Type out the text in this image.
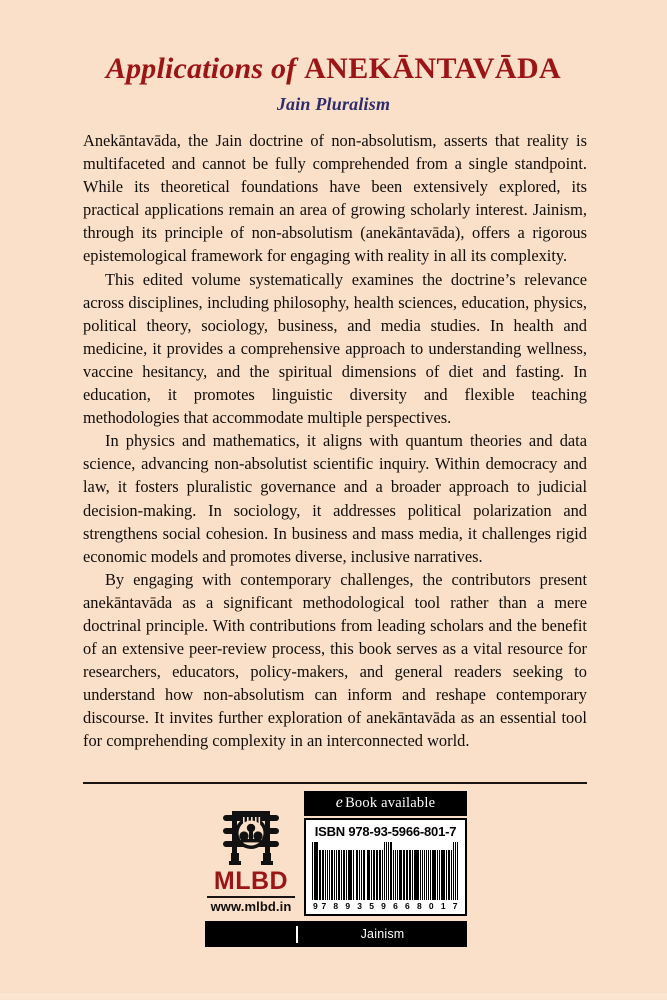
Applications of ANEKĀNTAVĀDA
Jain Pluralism

Anekāntavāda, the Jain doctrine of non-absolutism, asserts that reality is multifaceted and cannot be fully comprehended from a single standpoint. While its theoretical foundations have been extensively explored, its practical applications remain an area of growing scholarly interest. Jainism, through its principle of non-absolutism (anekāntavāda), offers a rigorous epistemological framework for engaging with reality in all its complexity.

This edited volume systematically examines the doctrine’s relevance across disciplines, including philosophy, health sciences, education, physics, political theory, sociology, business, and media studies. In health and medicine, it provides a comprehensive approach to understanding wellness, vaccine hesitancy, and the spiritual dimensions of diet and fasting. In education, it promotes linguistic diversity and flexible teaching methodologies that accommodate multiple perspectives.

In physics and mathematics, it aligns with quantum theories and data science, advancing non-absolutist scientific inquiry. Within democracy and law, it fosters pluralistic governance and a broader approach to judicial decision-making. In sociology, it addresses political polarization and strengthens social cohesion. In business and mass media, it challenges rigid economic models and promotes diverse, inclusive narratives.

By engaging with contemporary challenges, the contributors present anekāntavāda as a significant methodological tool rather than a mere doctrinal principle. With contributions from leading scholars and the benefit of an extensive peer-review process, this book serves as a vital resource for researchers, educators, policy-makers, and general readers seeking to understand how non-absolutism can inform and reshape contemporary discourse. It invites further exploration of anekāntavāda as an essential tool for comprehending complexity in an interconnected world.

MLBD
www.mlbd.in
e Book available
ISBN 978-93-5966-801-7
9 7 8 9 3 5 9 6 6 8 0 1 7
Jainism
